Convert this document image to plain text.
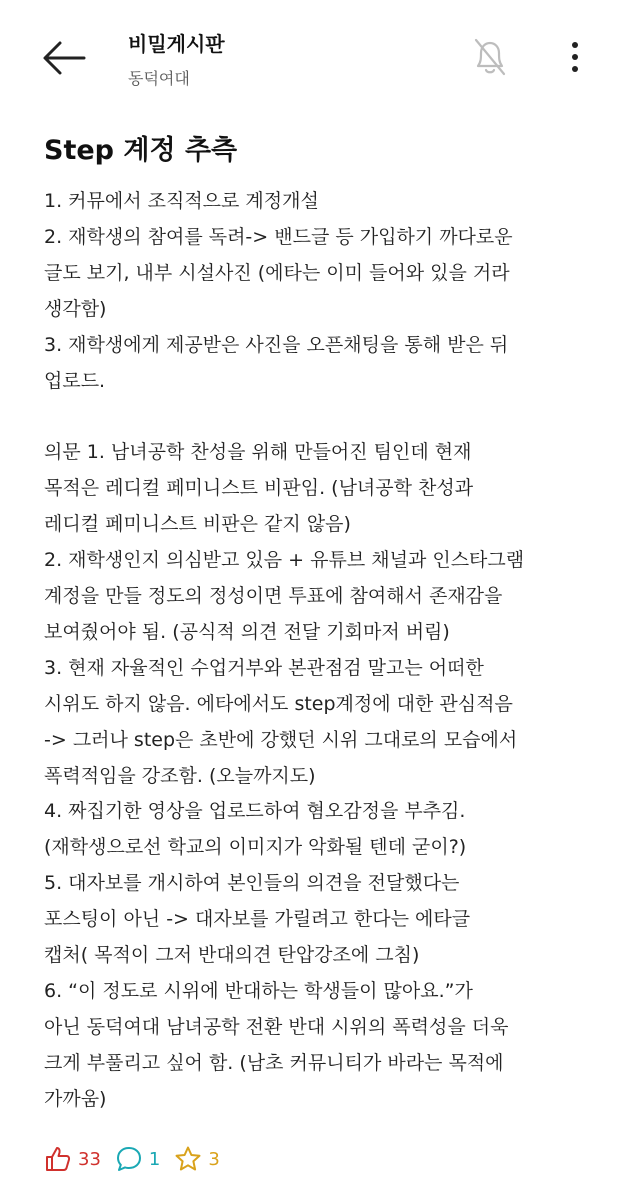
비밀게시판
동덕여대
Step 계정 추측
1. 커뮤에서 조직적으로 계정개설
2. 재학생의 참여를 독려-> 밴드글 등 가입하기 까다로운
글도 보기, 내부 시설사진 (에타는 이미 들어와 있을 거라
생각함)
3. 재학생에게 제공받은 사진을 오픈채팅을 통해 받은 뒤
업로드.

의문 1. 남녀공학 찬성을 위해 만들어진 팀인데 현재
목적은 레디컬 페미니스트 비판임. (남녀공학 찬성과
레디컬 페미니스트 비판은 같지 않음)
2. 재학생인지 의심받고 있음 + 유튜브 채널과 인스타그램
계정을 만들 정도의 정성이면 투표에 참여해서 존재감을
보여줬어야 됨. (공식적 의견 전달 기회마저 버림)
3. 현재 자율적인 수업거부와 본관점검 말고는 어떠한
시위도 하지 않음. 에타에서도 step계정에 대한 관심적음
-> 그러나 step은 초반에 강했던 시위 그대로의 모습에서
폭력적임을 강조함. (오늘까지도)
4. 짜집기한 영상을 업로드하여 혐오감정을 부추김.
(재학생으로선 학교의 이미지가 악화될 텐데 굳이?)
5. 대자보를 개시하여 본인들의 의견을 전달했다는
포스팅이 아닌 -> 대자보를 가릴려고 한다는 에타글
캡처( 목적이 그저 반대의견 탄압강조에 그침)
6. “이 정도로 시위에 반대하는 학생들이 많아요.”가
아닌 동덕여대 남녀공학 전환 반대 시위의 폭력성을 더욱
크게 부풀리고 싶어 함. (남초 커뮤니티가 바라는 목적에
가까움)
33	1	3
